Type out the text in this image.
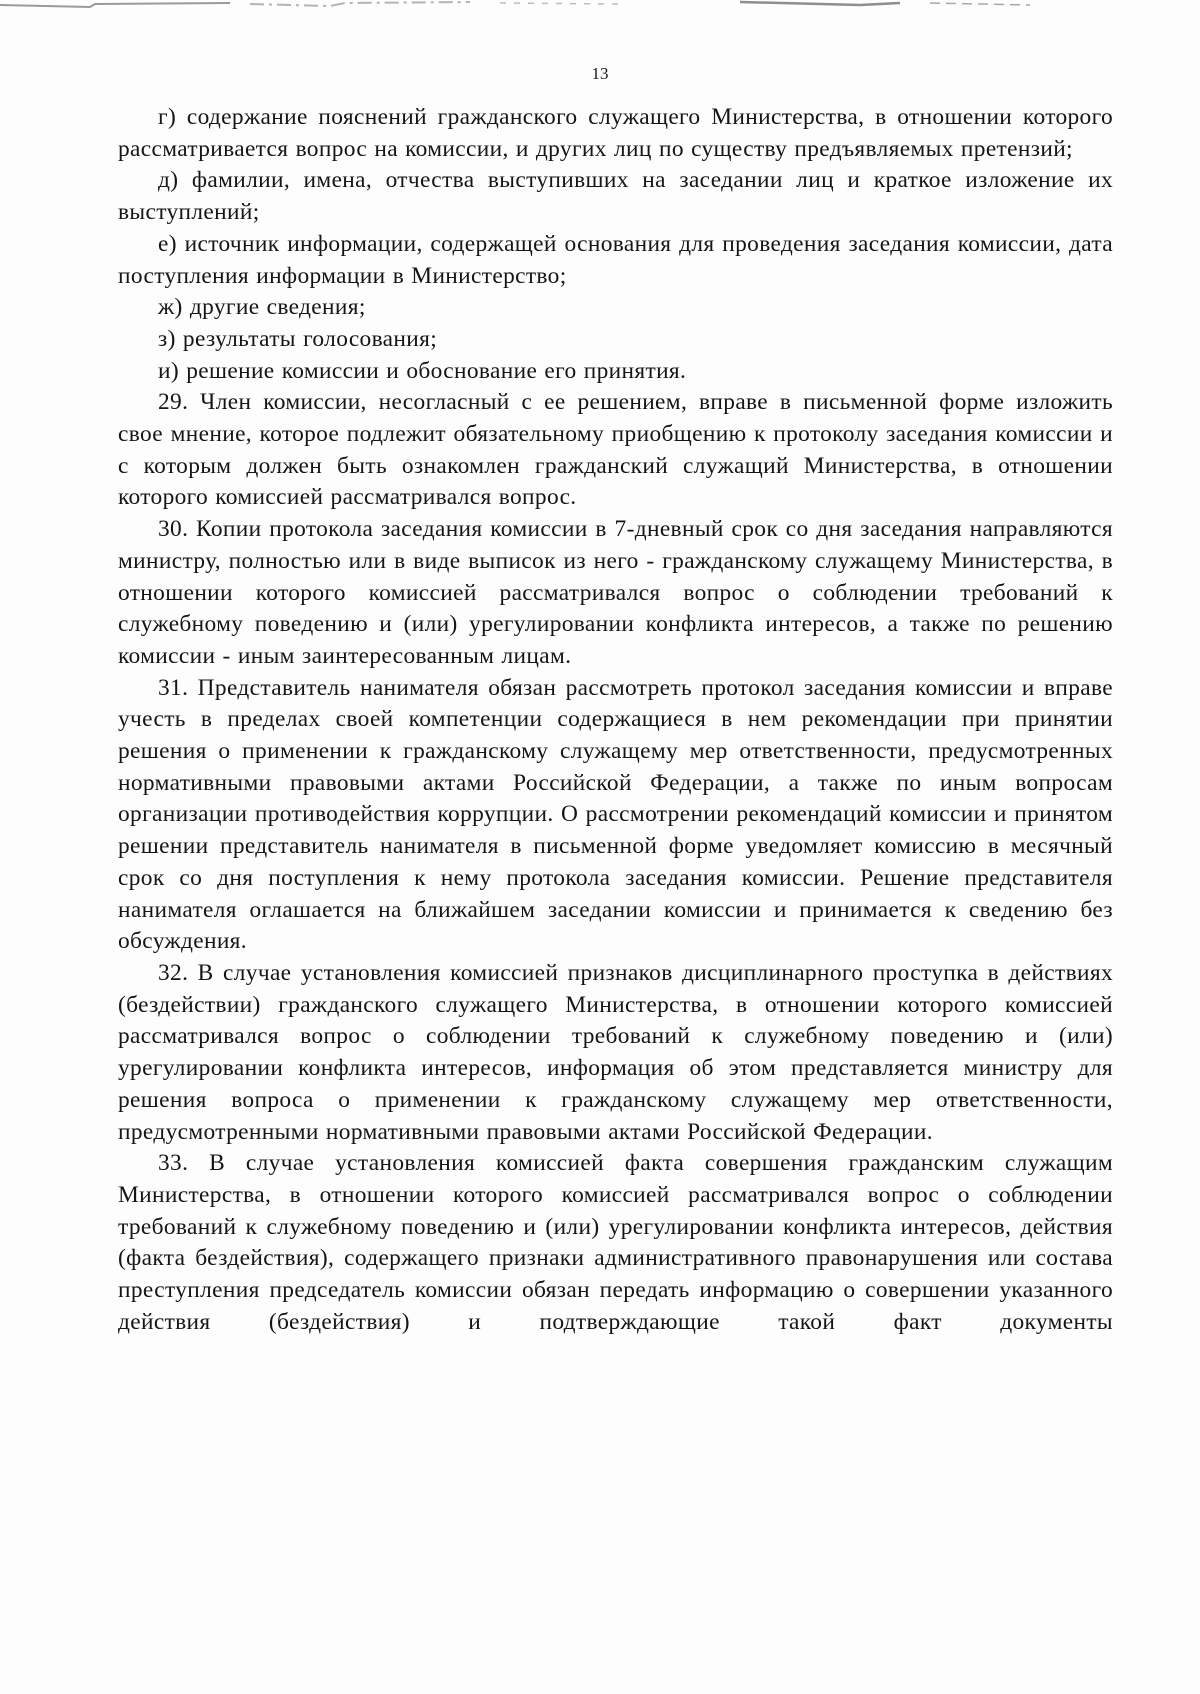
13

г) содержание пояснений гражданского служащего Министерства, в отношении которого рассматривается вопрос на комиссии, и других лиц по существу предъявляемых претензий;

д) фамилии, имена, отчества выступивших на заседании лиц и краткое изложение их выступлений;

е) источник информации, содержащей основания для проведения заседания комиссии, дата поступления информации в Министерство;

ж) другие сведения;

з) результаты голосования;

и) решение комиссии и обоснование его принятия.

29. Член комиссии, несогласный с ее решением, вправе в письменной форме изложить свое мнение, которое подлежит обязательному приобщению к протоколу заседания комиссии и с которым должен быть ознакомлен гражданский служащий Министерства, в отношении которого комиссией рассматривался вопрос.

30. Копии протокола заседания комиссии в 7-дневный срок со дня заседания направляются министру, полностью или в виде выписок из него - гражданскому служащему Министерства, в отношении которого комиссией рассматривался вопрос о соблюдении требований к служебному поведению и (или) урегулировании конфликта интересов, а также по решению комиссии - иным заинтересованным лицам.

31. Представитель нанимателя обязан рассмотреть протокол заседания комиссии и вправе учесть в пределах своей компетенции содержащиеся в нем рекомендации при принятии решения о применении к гражданскому служащему мер ответственности, предусмотренных нормативными правовыми актами Российской Федерации, а также по иным вопросам организации противодействия коррупции. О рассмотрении рекомендаций комиссии и принятом решении представитель нанимателя в письменной форме уведомляет комиссию в месячный срок со дня поступления к нему протокола заседания комиссии. Решение представителя нанимателя оглашается на ближайшем заседании комиссии и принимается к сведению без обсуждения.

32. В случае установления комиссией признаков дисциплинарного проступка в действиях (бездействии) гражданского служащего Министерства, в отношении которого комиссией рассматривался вопрос о соблюдении требований к служебному поведению и (или) урегулировании конфликта интересов, информация об этом представляется министру для решения вопроса о применении к гражданскому служащему мер ответственности, предусмотренными нормативными правовыми актами Российской Федерации.

33. В случае установления комиссией факта совершения гражданским служащим Министерства, в отношении которого комиссией рассматривался вопрос о соблюдении требований к служебному поведению и (или) урегулировании конфликта интересов, действия (факта бездействия), содержащего признаки административного правонарушения или состава преступления председатель комиссии обязан передать информацию о совершении указанного действия (бездействия) и подтверждающие такой факт документы
